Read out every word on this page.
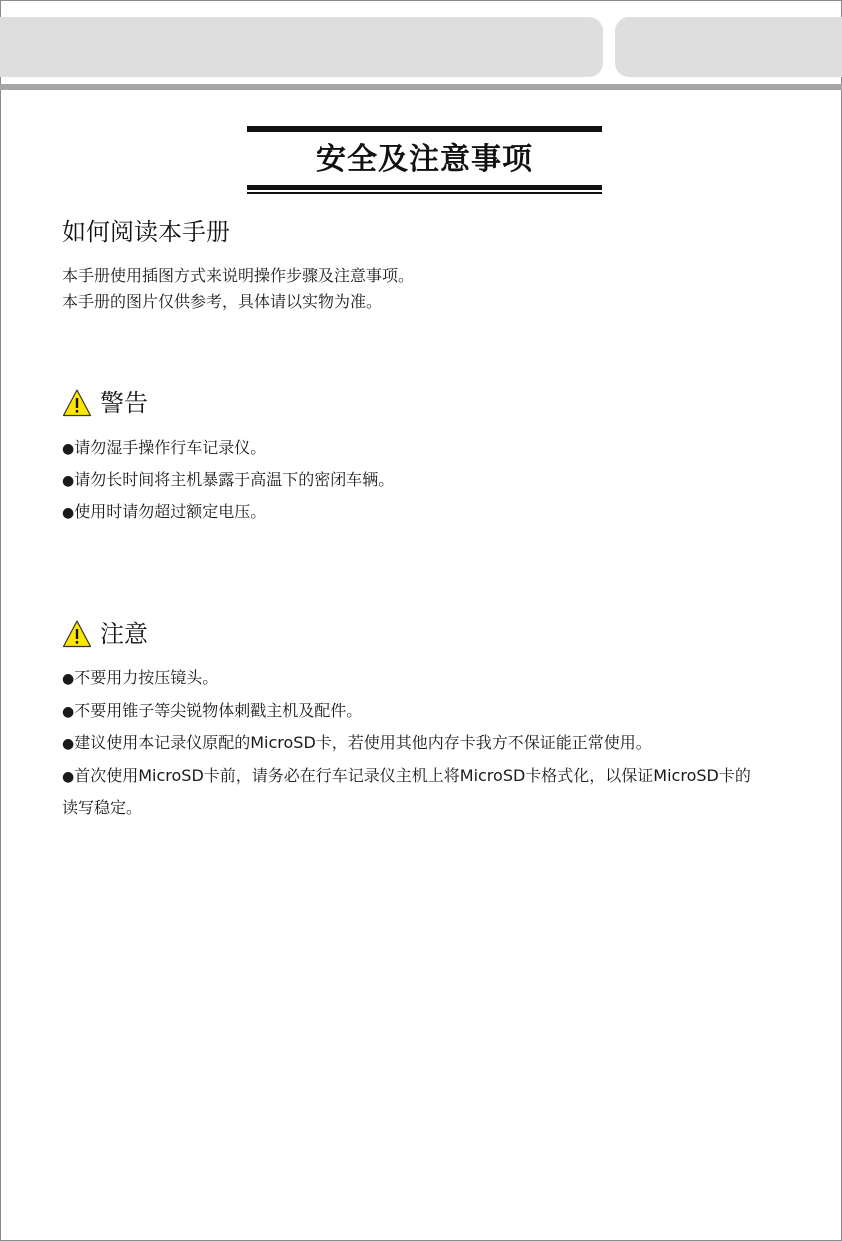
安全及注意事项
如何阅读本手册
本手册使用插图方式来说明操作步骤及注意事项。
本手册的图片仅供参考，具体请以实物为准。
警告
●请勿湿手操作行车记录仪。
●请勿长时间将主机暴露于高温下的密闭车辆。
●使用时请勿超过额定电压。
注意
●不要用力按压镜头。
●不要用锥子等尖锐物体刺戳主机及配件。
●建议使用本记录仪原配的MicroSD卡，若使用其他内存卡我方不保证能正常使用。
●首次使用MicroSD卡前，请务必在行车记录仪主机上将MicroSD卡格式化，以保证MicroSD卡的
读写稳定。
